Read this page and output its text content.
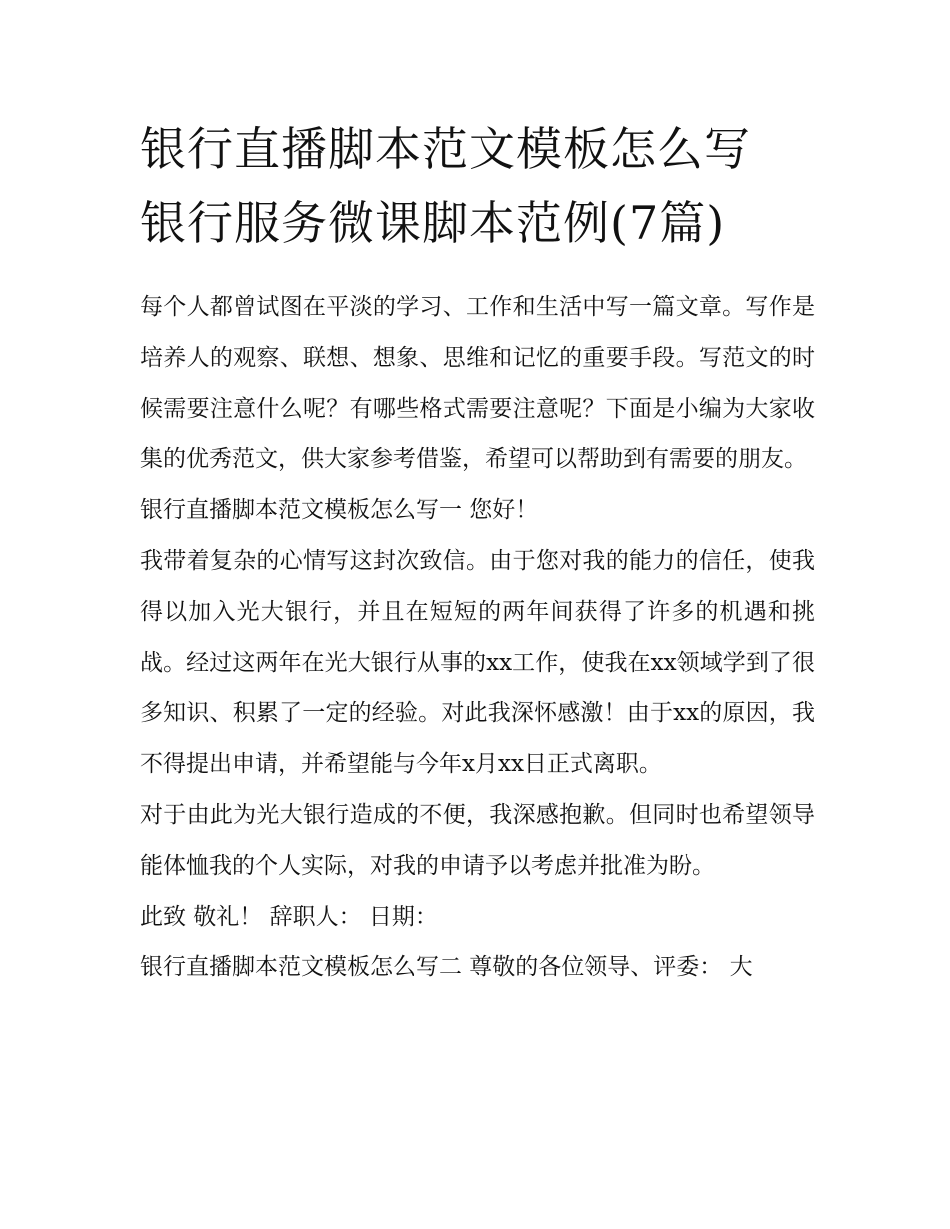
银行直播脚本范文模板怎么写
银行服务微课脚本范例(7篇)

每个人都曾试图在平淡的学习、工作和生活中写一篇文章。写作是培养人的观察、联想、想象、思维和记忆的重要手段。写范文的时候需要注意什么呢？有哪些格式需要注意呢？下面是小编为大家收集的优秀范文，供大家参考借鉴，希望可以帮助到有需要的朋友。

银行直播脚本范文模板怎么写一 您好！

我带着复杂的心情写这封次致信。由于您对我的能力的信任，使我得以加入光大银行，并且在短短的两年间获得了许多的机遇和挑战。经过这两年在光大银行从事的xx工作，使我在xx领域学到了很多知识、积累了一定的经验。对此我深怀感激！由于xx的原因，我不得提出申请，并希望能与今年x月xx日正式离职。

对于由此为光大银行造成的不便，我深感抱歉。但同时也希望领导能体恤我的个人实际，对我的申请予以考虑并批准为盼。

此致 敬礼！ 辞职人： 日期：

银行直播脚本范文模板怎么写二 尊敬的各位领导、评委： 大
